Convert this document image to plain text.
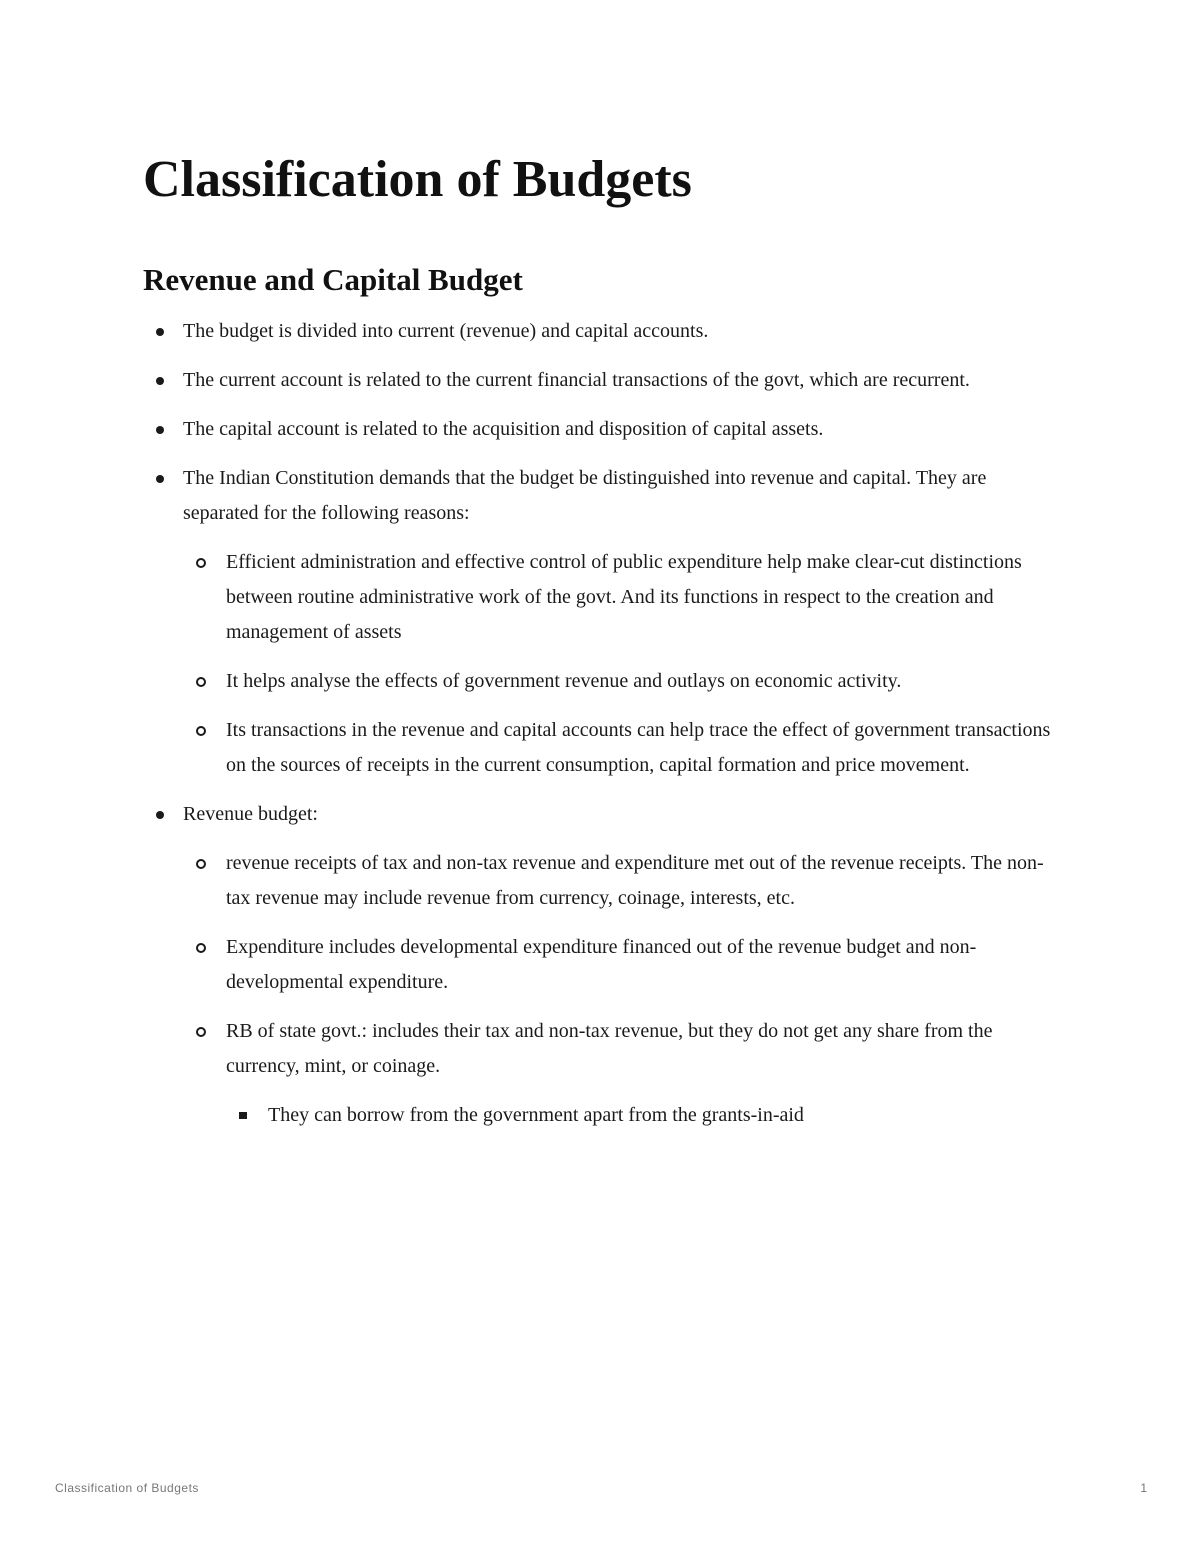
Classification of Budgets
Revenue and Capital Budget
The budget is divided into current (revenue) and capital accounts.
The current account is related to the current financial transactions of the govt, which are recurrent.
The capital account is related to the acquisition and disposition of capital assets.
The Indian Constitution demands that the budget be distinguished into revenue and capital. They are separated for the following reasons:
Efficient administration and effective control of public expenditure help make clear-cut distinctions between routine administrative work of the govt. And its functions in respect to the creation and management of assets
It helps analyse the effects of government revenue and outlays on economic activity.
Its transactions in the revenue and capital accounts can help trace the effect of government transactions on the sources of receipts in the current consumption, capital formation and price movement.
Revenue budget:
revenue receipts of tax and non-tax revenue and expenditure met out of the revenue receipts. The non-tax revenue may include revenue from currency, coinage, interests, etc.
Expenditure includes developmental expenditure financed out of the revenue budget and non-developmental expenditure.
RB of state govt.: includes their tax and non-tax revenue, but they do not get any share from the currency, mint, or coinage.
They can borrow from the government apart from the grants-in-aid
Classification of Budgets	1
